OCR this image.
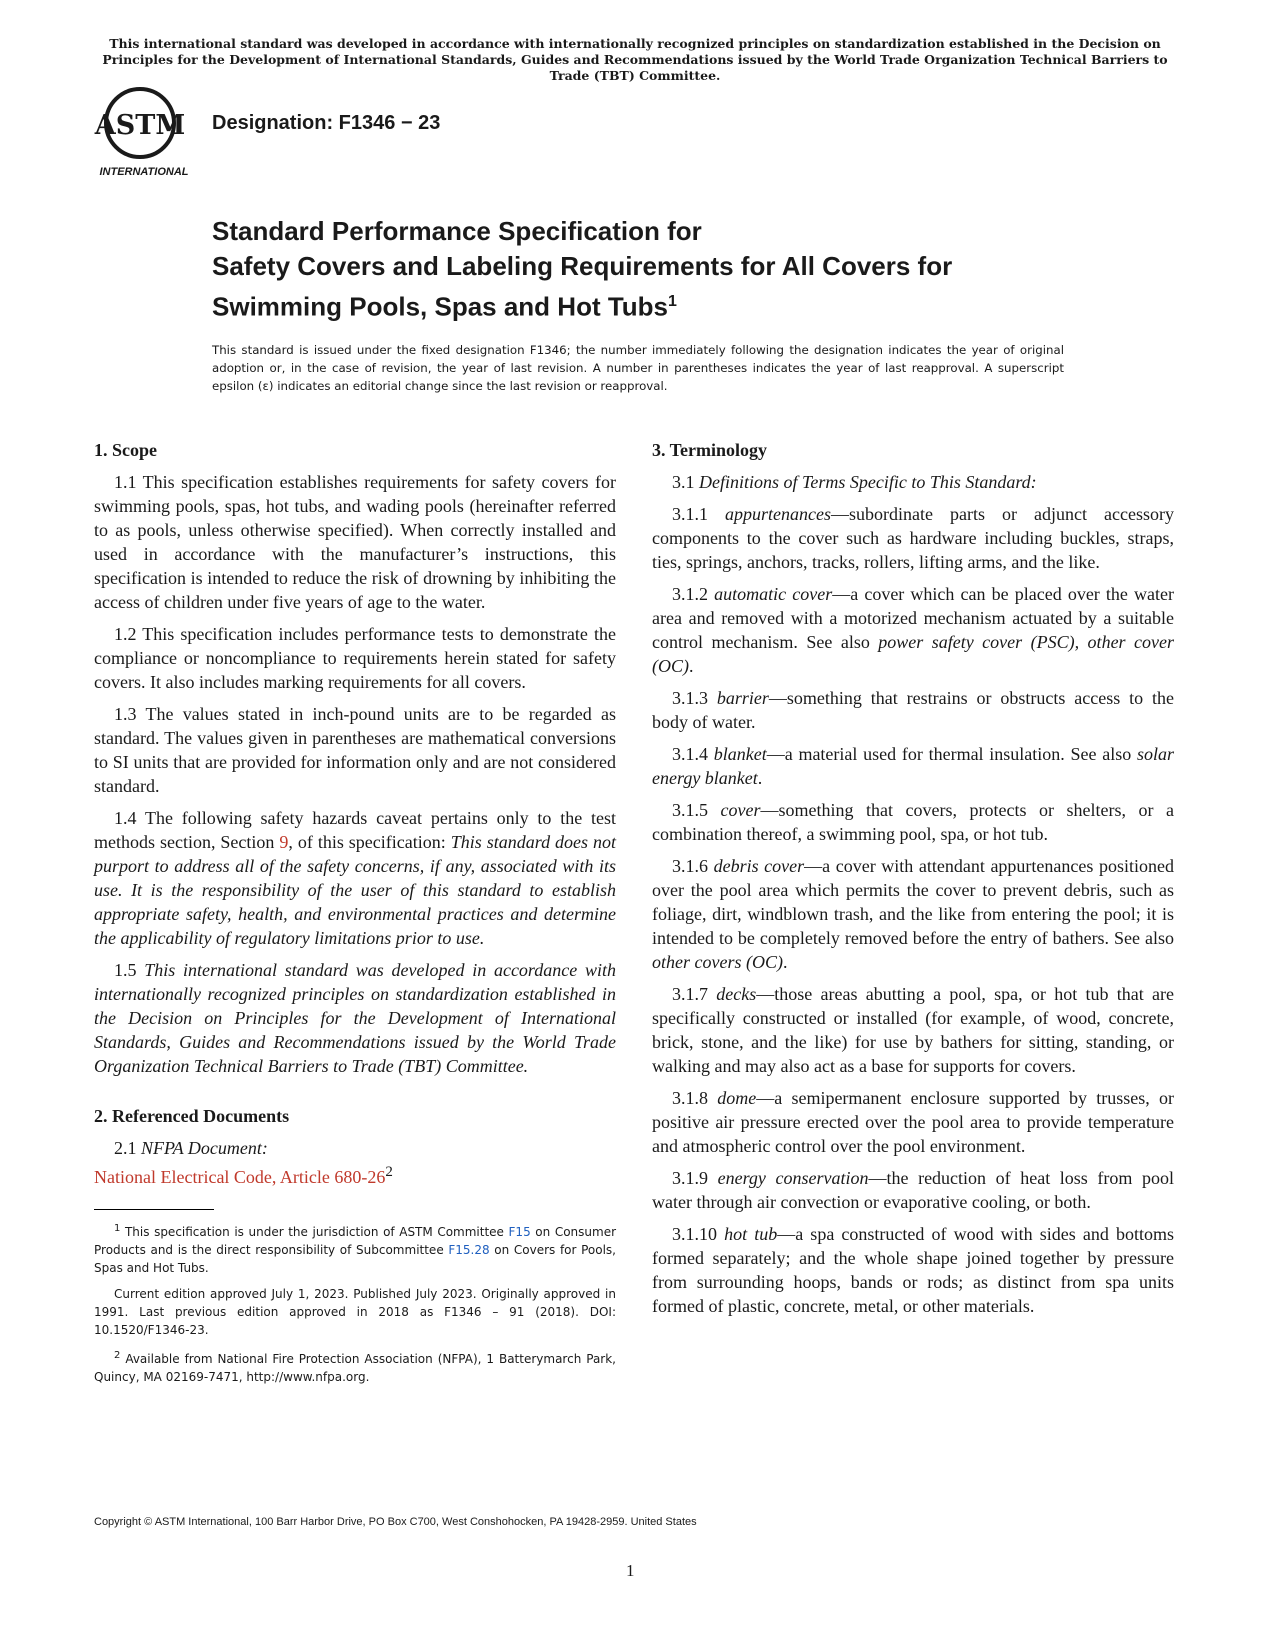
This international standard was developed in accordance with internationally recognized principles on standardization established in the Decision on Principles for the Development of International Standards, Guides and Recommendations issued by the World Trade Organization Technical Barriers to Trade (TBT) Committee.
ASTM
INTERNATIONAL
Designation: F1346 − 23
Standard Performance Specification for
Safety Covers and Labeling Requirements for All Covers for
Swimming Pools, Spas and Hot Tubs$^1$
This standard is issued under the fixed designation F1346; the number immediately following the designation indicates the year of original adoption or, in the case of revision, the year of last revision. A number in parentheses indicates the year of last reapproval. A superscript epsilon (ε) indicates an editorial change since the last revision or reapproval.
1. Scope

1.1 This specification establishes requirements for safety covers for swimming pools, spas, hot tubs, and wading pools (hereinafter referred to as pools, unless otherwise specified). When correctly installed and used in accordance with the manufacturer’s instructions, this specification is intended to reduce the risk of drowning by inhibiting the access of children under five years of age to the water.

1.2 This specification includes performance tests to demonstrate the compliance or noncompliance to requirements herein stated for safety covers. It also includes marking requirements for all covers.

1.3 The values stated in inch-pound units are to be regarded as standard. The values given in parentheses are mathematical conversions to SI units that are provided for information only and are not considered standard.

1.4 The following safety hazards caveat pertains only to the test methods section, Section 9, of this specification: This standard does not purport to address all of the safety concerns, if any, associated with its use. It is the responsibility of the user of this standard to establish appropriate safety, health, and environmental practices and determine the applicability of regulatory limitations prior to use.

1.5 This international standard was developed in accordance with internationally recognized principles on standardization established in the Decision on Principles for the Development of International Standards, Guides and Recommendations issued by the World Trade Organization Technical Barriers to Trade (TBT) Committee.

2. Referenced Documents

2.1 NFPA Document:

National Electrical Code, Article $680-26^2$

$^1$ This specification is under the jurisdiction of ASTM Committee F15 on Consumer Products and is the direct responsibility of Subcommittee F15.28 on Covers for Pools, Spas and Hot Tubs.

Current edition approved July 1, 2023. Published July 2023. Originally approved in 1991. Last previous edition approved in 2018 as F1346 – 91 (2018). DOI: 10.1520/F1346-23.

$^2$ Available from National Fire Protection Association (NFPA), 1 Batterymarch Park, Quincy, MA 02169-7471, http://www.nfpa.org.

3. Terminology

3.1 Definitions of Terms Specific to This Standard:

3.1.1 appurtenances—subordinate parts or adjunct accessory components to the cover such as hardware including buckles, straps, ties, springs, anchors, tracks, rollers, lifting arms, and the like.

3.1.2 automatic cover—a cover which can be placed over the water area and removed with a motorized mechanism actuated by a suitable control mechanism. See also power safety cover (PSC), other cover (OC).

3.1.3 barrier—something that restrains or obstructs access to the body of water.

3.1.4 blanket—a material used for thermal insulation. See also solar energy blanket.

3.1.5 cover—something that covers, protects or shelters, or a combination thereof, a swimming pool, spa, or hot tub.

3.1.6 debris cover—a cover with attendant appurtenances positioned over the pool area which permits the cover to prevent debris, such as foliage, dirt, windblown trash, and the like from entering the pool; it is intended to be completely removed before the entry of bathers. See also other covers (OC).

3.1.7 decks—those areas abutting a pool, spa, or hot tub that are specifically constructed or installed (for example, of wood, concrete, brick, stone, and the like) for use by bathers for sitting, standing, or walking and may also act as a base for supports for covers.

3.1.8 dome—a semipermanent enclosure supported by trusses, or positive air pressure erected over the pool area to provide temperature and atmospheric control over the pool environment.

3.1.9 energy conservation—the reduction of heat loss from pool water through air convection or evaporative cooling, or both.

3.1.10 hot tub—a spa constructed of wood with sides and bottoms formed separately; and the whole shape joined together by pressure from surrounding hoops, bands or rods; as distinct from spa units formed of plastic, concrete, metal, or other materials.

Copyright © ASTM International, 100 Barr Harbor Drive, PO Box C700, West Conshohocken, PA 19428-2959. United States
1
